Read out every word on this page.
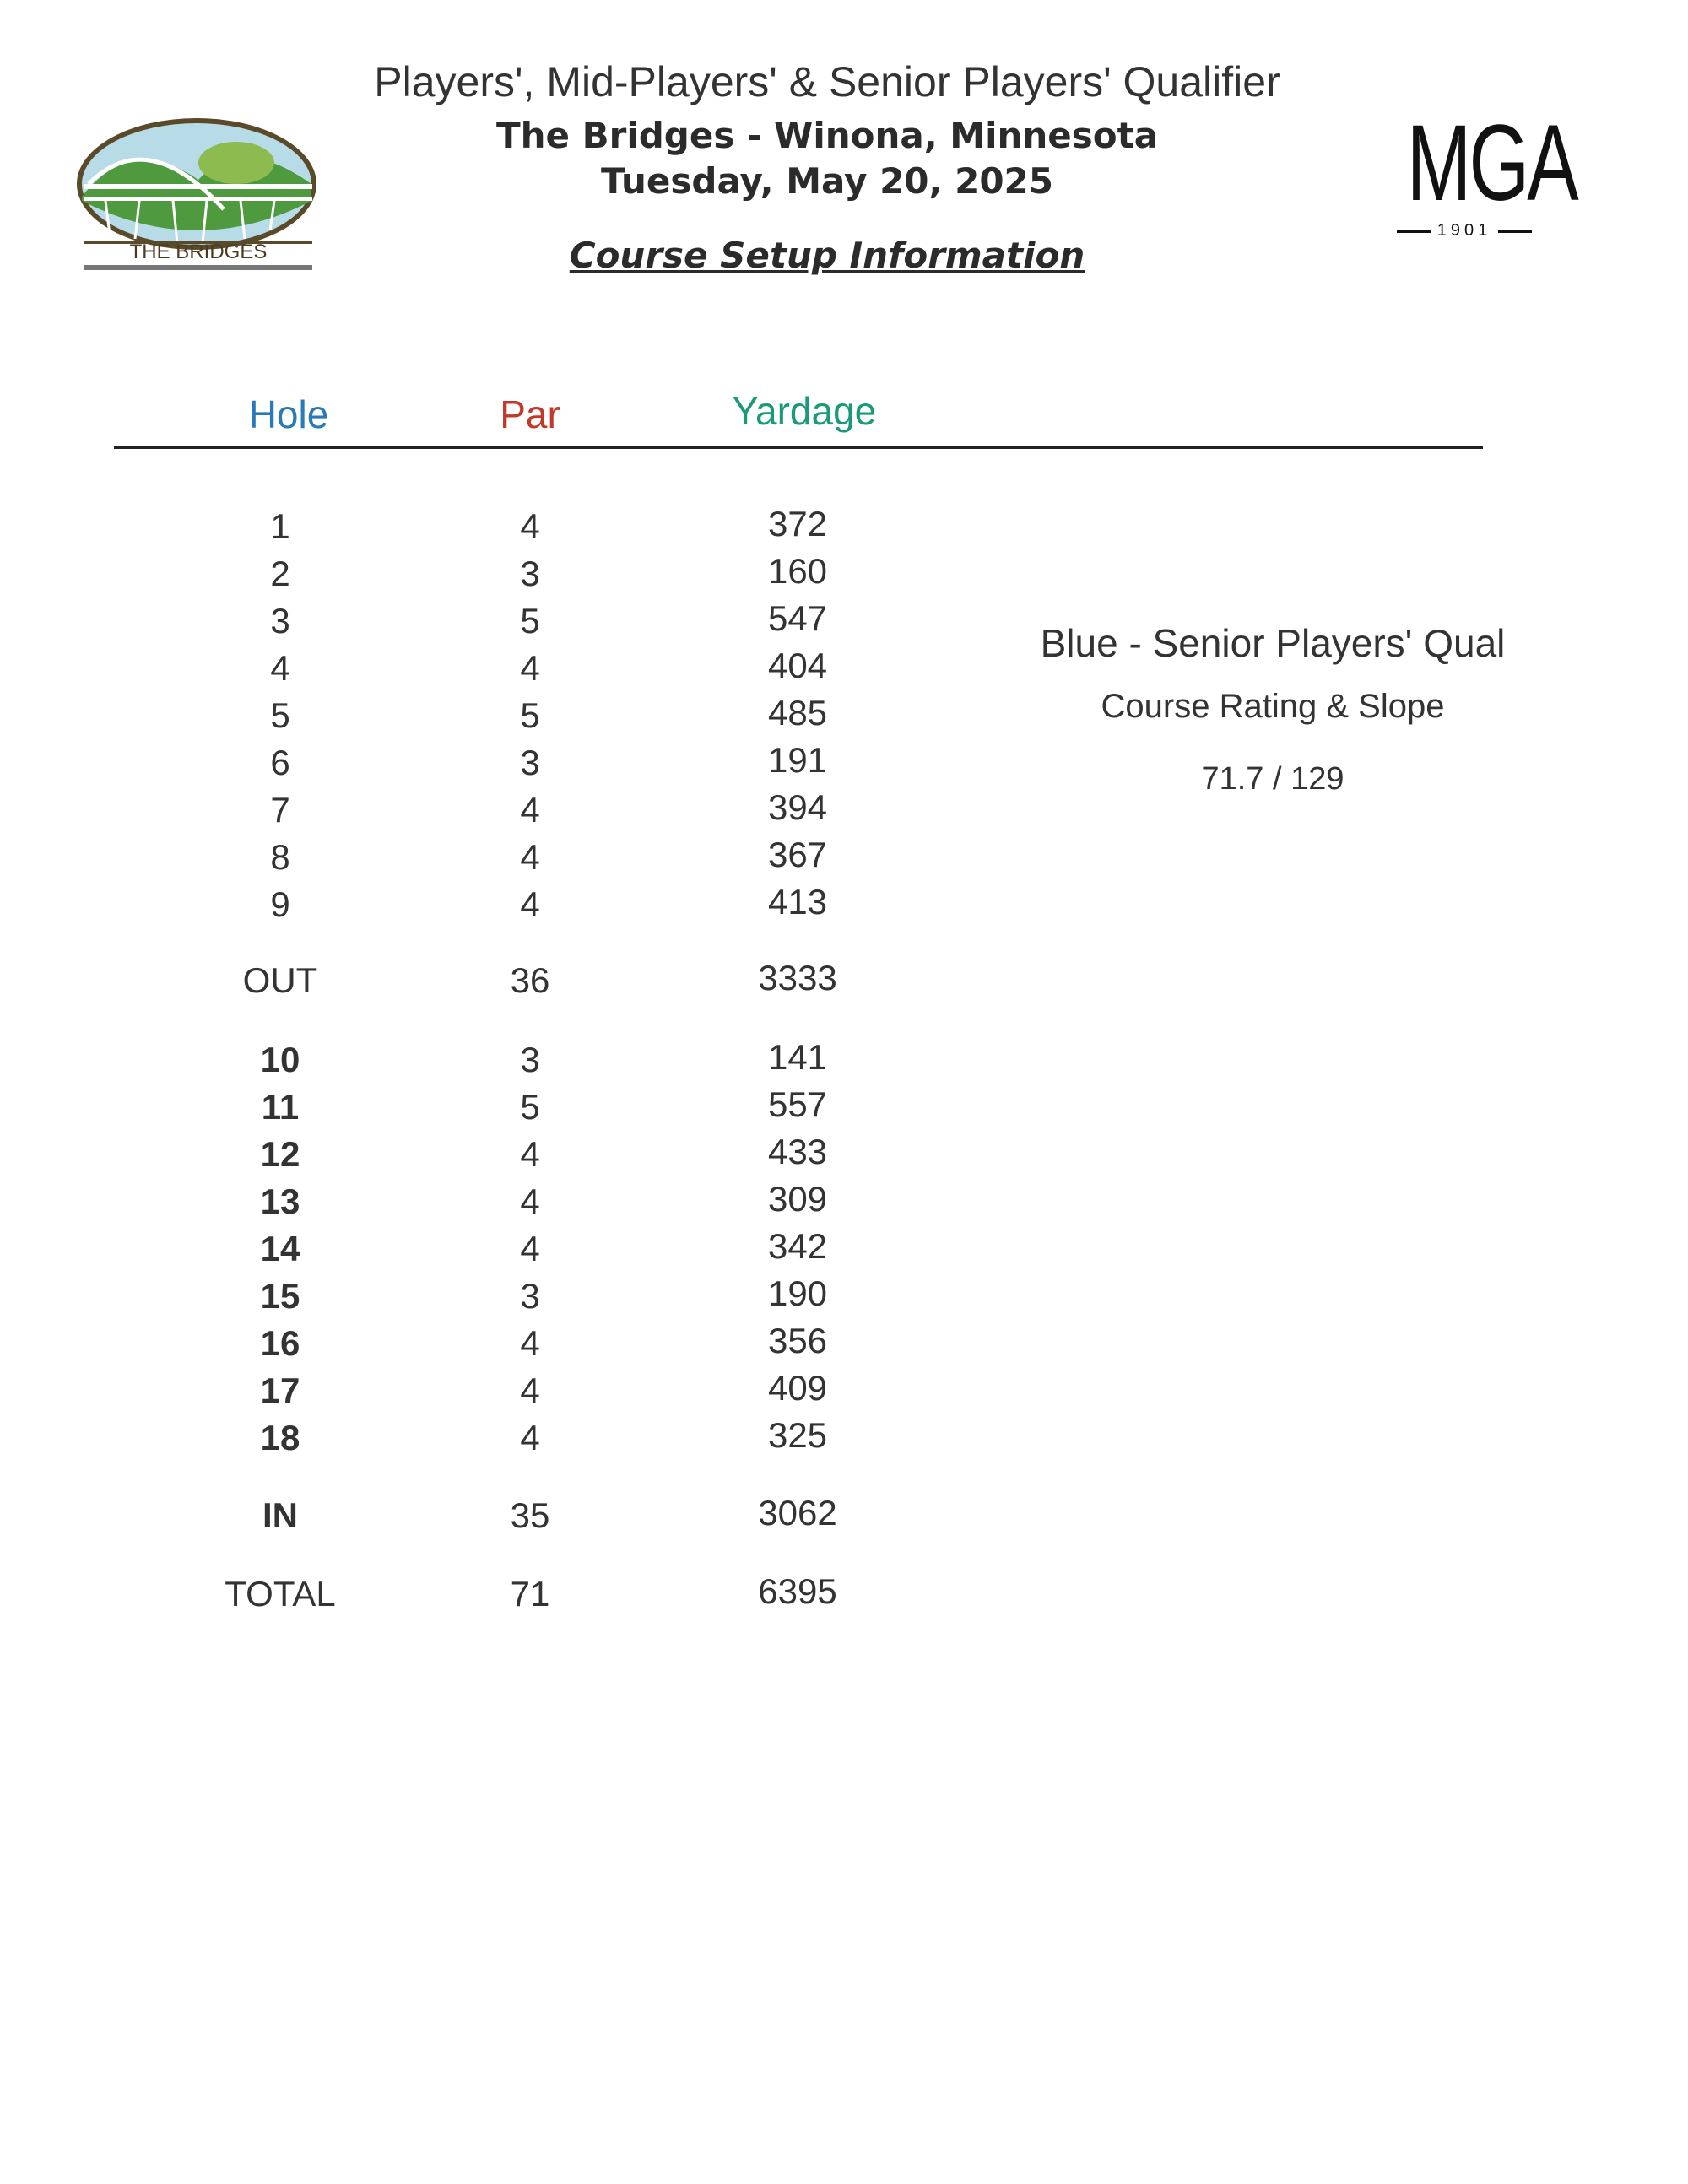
THE BRIDGES
MGA
1901
Players', Mid-Players' & Senior Players' Qualifier
The Bridges - Winona, Minnesota
Tuesday, May 20, 2025
Course Setup Information
Hole	Par	Yardage
1	4	372
2	3	160
3	5	547
4	4	404
5	5	485
6	3	191
7	4	394
8	4	367
9	4	413
OUT	36	3333
10	3	141
11	5	557
12	4	433
13	4	309
14	4	342
15	3	190
16	4	356
17	4	409
18	4	325
IN	35	3062
TOTAL	71	6395
Blue - Senior Players' Qual
Course Rating & Slope
71.7 / 129
